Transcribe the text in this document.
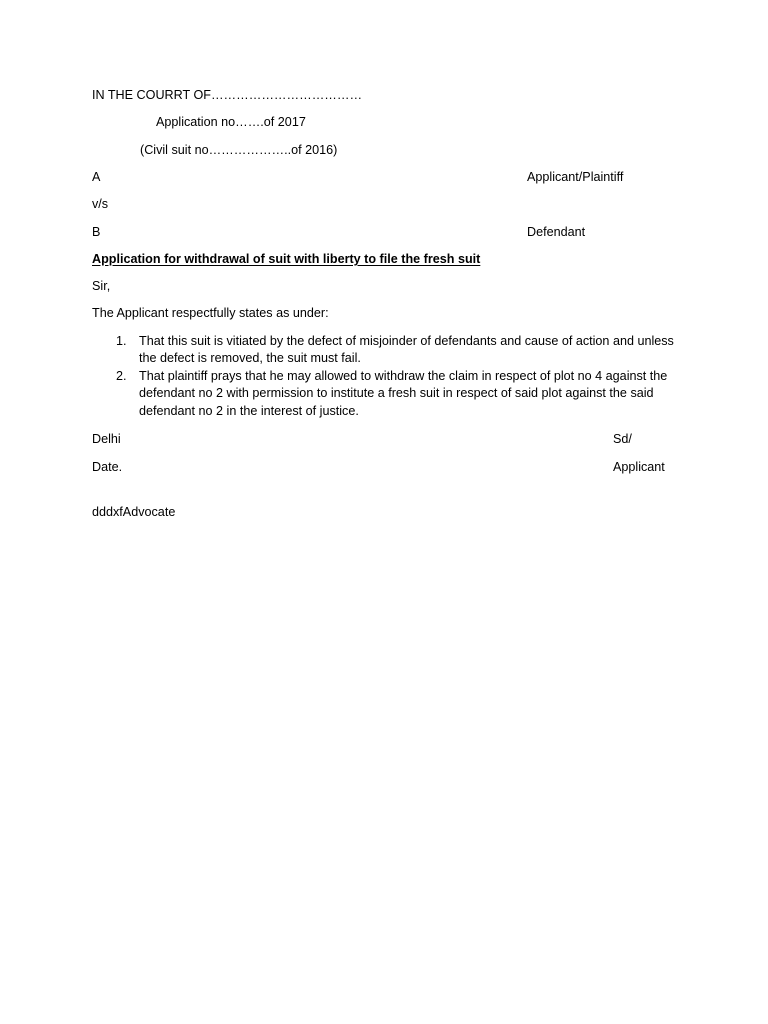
IN THE COURRT OF………………………………
Application no…….of 2017
(Civil suit no………………..of 2016)
A	Applicant/Plaintiff
v/s
B	Defendant
Application for withdrawal of suit with liberty to file the fresh suit
Sir,
The Applicant respectfully states as under:
1. That this suit is vitiated by the defect of misjoinder of defendants and cause of action and unless the defect is removed, the suit must fail.
2. That plaintiff prays that he may allowed to withdraw the claim in respect of plot no 4 against the defendant no 2 with permission to institute a fresh suit in respect of said plot against the said defendant no 2 in the interest of justice.
Delhi	Sd/
Date.	Applicant
dddxfAdvocate
